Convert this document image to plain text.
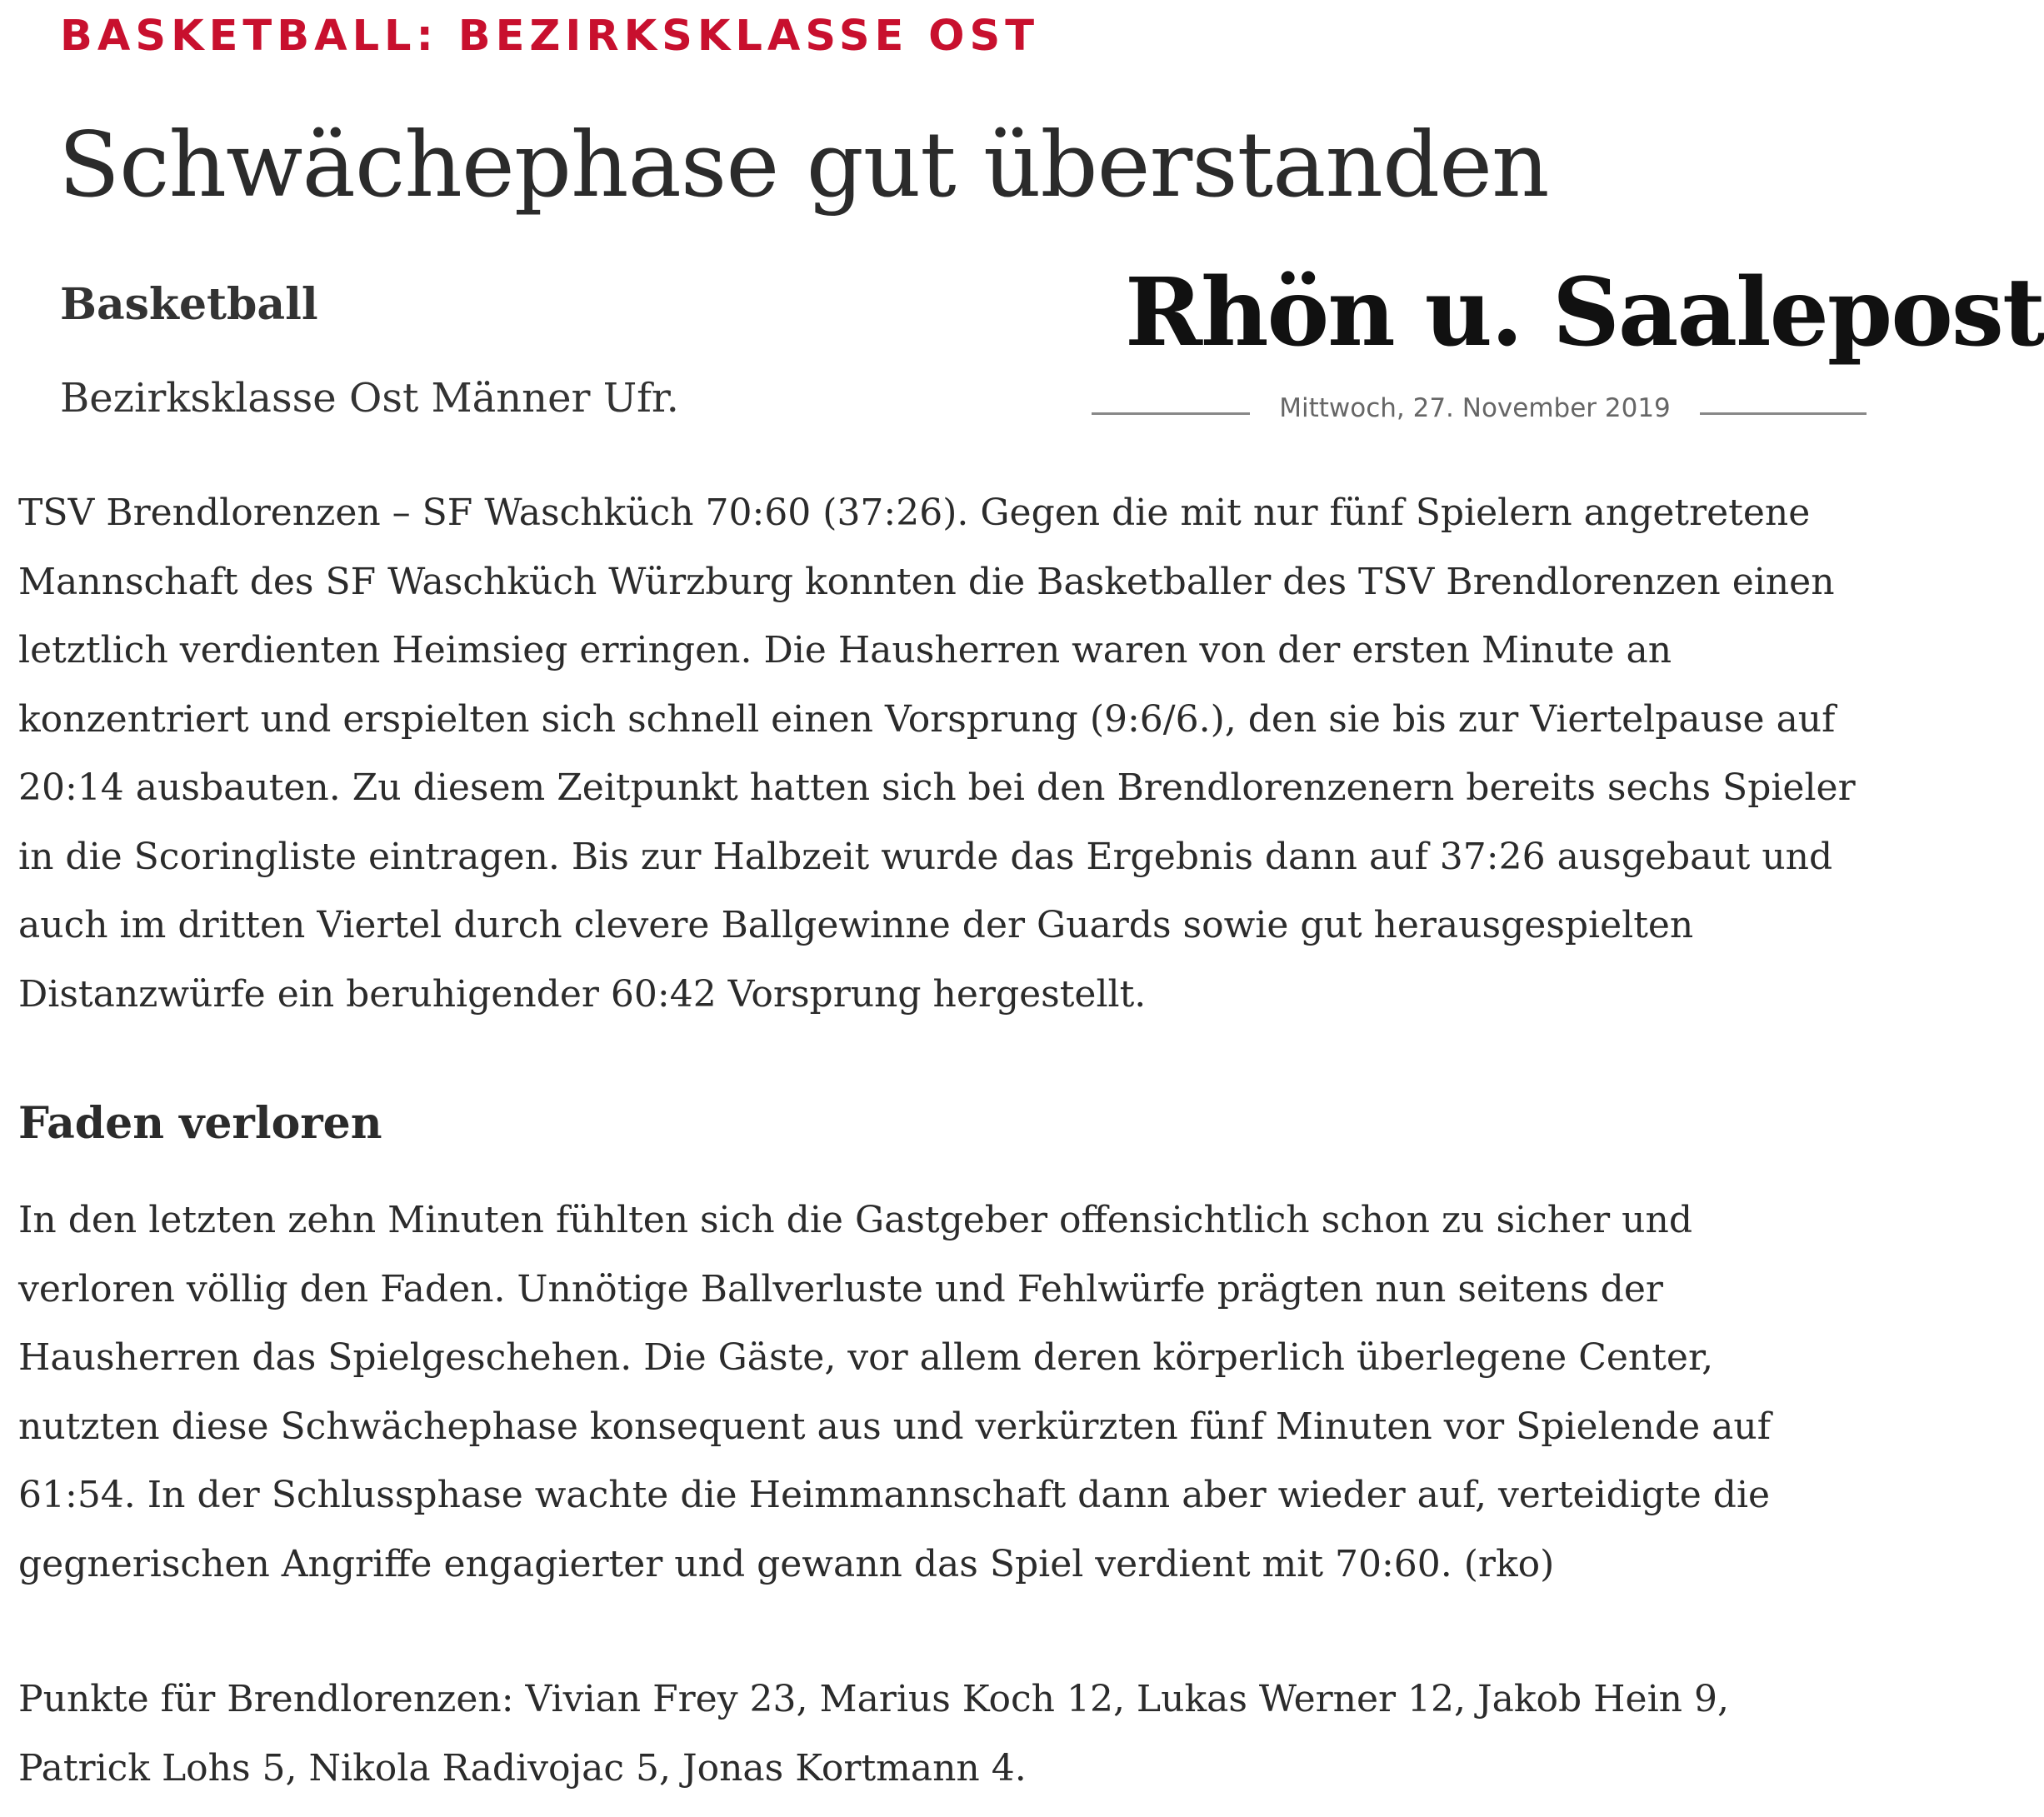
BASKETBALL: BEZIRKSKLASSE OST
Schwächephase gut überstanden
Basketball
Bezirksklasse Ost Männer Ufr.
Rhön u. Saalepost
Mittwoch, 27. November 2019

TSV Brendlorenzen – SF Waschküch 70:60 (37:26). Gegen die mit nur fünf Spielern angetretene Mannschaft des SF Waschküch Würzburg konnten die Basketballer des TSV Brendlorenzen einen letztlich verdienten Heimsieg erringen. Die Hausherren waren von der ersten Minute an konzentriert und erspielten sich schnell einen Vorsprung (9:6/6.), den sie bis zur Viertelpause auf 20:14 ausbauten. Zu diesem Zeitpunkt hatten sich bei den Brendlorenzenern bereits sechs Spieler in die Scoringliste eintragen. Bis zur Halbzeit wurde das Ergebnis dann auf 37:26 ausgebaut und auch im dritten Viertel durch clevere Ballgewinne der Guards sowie gut herausgespielten Distanzwürfe ein beruhigender 60:42 Vorsprung hergestellt.

Faden verloren

In den letzten zehn Minuten fühlten sich die Gastgeber offensichtlich schon zu sicher und verloren völlig den Faden. Unnötige Ballverluste und Fehlwürfe prägten nun seitens der Hausherren das Spielgeschehen. Die Gäste, vor allem deren körperlich überlegene Center, nutzten diese Schwächephase konsequent aus und verkürzten fünf Minuten vor Spielende auf 61:54. In der Schlussphase wachte die Heimmannschaft dann aber wieder auf, verteidigte die gegnerischen Angriffe engagierter und gewann das Spiel verdient mit 70:60. (rko)

Punkte für Brendlorenzen: Vivian Frey 23, Marius Koch 12, Lukas Werner 12, Jakob Hein 9, Patrick Lohs 5, Nikola Radivojac 5, Jonas Kortmann 4.
